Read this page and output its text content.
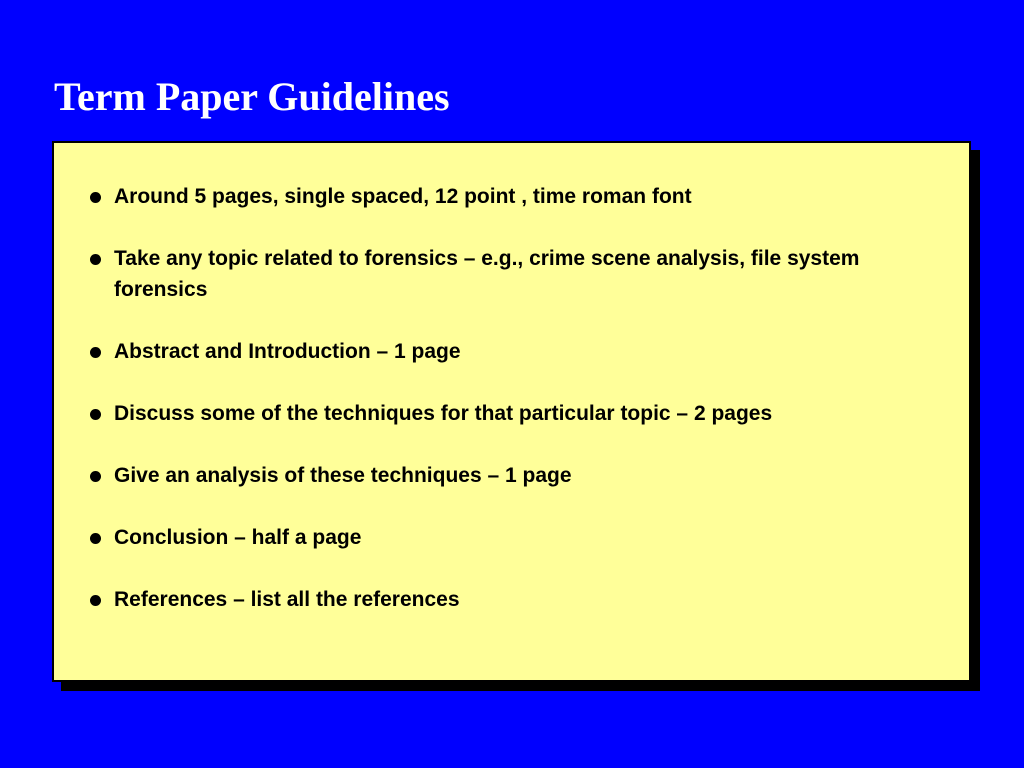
Term Paper Guidelines
Around 5 pages, single spaced, 12 point , time roman font
Take any topic related to forensics – e.g., crime scene analysis, file system forensics
Abstract and Introduction – 1 page
Discuss some of the techniques for that particular topic – 2 pages
Give an analysis of these techniques – 1 page
Conclusion – half a page
References – list all the references
